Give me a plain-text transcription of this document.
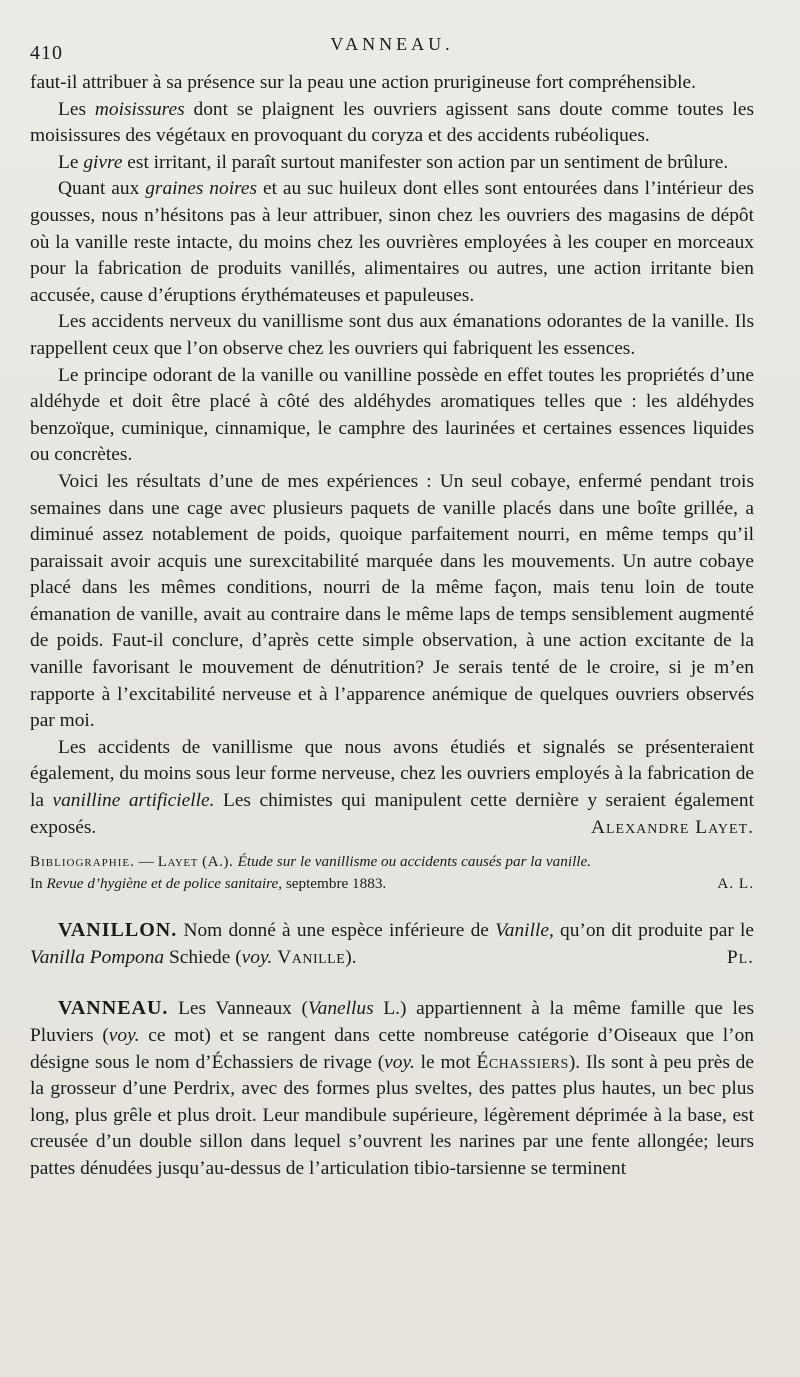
410	VANNEAU.

faut-il attribuer à sa présence sur la peau une action prurigineuse fort compréhensible.

Les moisissures dont se plaignent les ouvriers agissent sans doute comme toutes les moisissures des végétaux en provoquant du coryza et des accidents rubéoliques.

Le givre est irritant, il paraît surtout manifester son action par un sentiment de brûlure.

Quant aux graines noires et au suc huileux dont elles sont entourées dans l’intérieur des gousses, nous n’hésitons pas à leur attribuer, sinon chez les ouvriers des magasins de dépôt où la vanille reste intacte, du moins chez les ouvrières employées à les couper en morceaux pour la fabrication de produits vanillés, alimentaires ou autres, une action irritante bien accusée, cause d’éruptions érythémateuses et papuleuses.

Les accidents nerveux du vanillisme sont dus aux émanations odorantes de la vanille. Ils rappellent ceux que l’on observe chez les ouvriers qui fabriquent les essences.

Le principe odorant de la vanille ou vanilline possède en effet toutes les propriétés d’une aldéhyde et doit être placé à côté des aldéhydes aromatiques telles que : les aldéhydes benzoïque, cuminique, cinnamique, le camphre des laurinées et certaines essences liquides ou concrètes.

Voici les résultats d’une de mes expériences : Un seul cobaye, enfermé pendant trois semaines dans une cage avec plusieurs paquets de vanille placés dans une boîte grillée, a diminué assez notablement de poids, quoique parfaitement nourri, en même temps qu’il paraissait avoir acquis une surexcitabilité marquée dans les mouvements. Un autre cobaye placé dans les mêmes conditions, nourri de la même façon, mais tenu loin de toute émanation de vanille, avait au contraire dans le même laps de temps sensiblement augmenté de poids. Faut-il conclure, d’après cette simple observation, à une action excitante de la vanille favorisant le mouvement de dénutrition? Je serais tenté de le croire, si je m’en rapporte à l’excitabilité nerveuse et à l’apparence anémique de quelques ouvriers observés par moi.

Les accidents de vanillisme que nous avons étudiés et signalés se présenteraient également, du moins sous leur forme nerveuse, chez les ouvriers employés à la fabrication de la vanilline artificielle. Les chimistes qui manipulent cette dernière y seraient également exposés.	Alexandre Layet.

Bibliographie. — Layet (A.). Étude sur le vanillisme ou accidents causés par la vanille.
In Revue d’hygiène et de police sanitaire, septembre 1883.	A. L.

VANILLON. Nom donné à une espèce inférieure de Vanille, qu’on dit produite par le Vanilla Pompona Schiede (voy. Vanille).	Pl.

VANNEAU. Les Vanneaux (Vanellus L.) appartiennent à la même famille que les Pluviers (voy. ce mot) et se rangent dans cette nombreuse catégorie d’Oiseaux que l’on désigne sous le nom d’Échassiers de rivage (voy. le mot Échassiers). Ils sont à peu près de la grosseur d’une Perdrix, avec des formes plus sveltes, des pattes plus hautes, un bec plus long, plus grêle et plus droit. Leur mandibule supérieure, légèrement déprimée à la base, est creusée d’un double sillon dans lequel s’ouvrent les narines par une fente allongée; leurs pattes dénudées jusqu’au-dessus de l’articulation tibio-tarsienne se terminent
